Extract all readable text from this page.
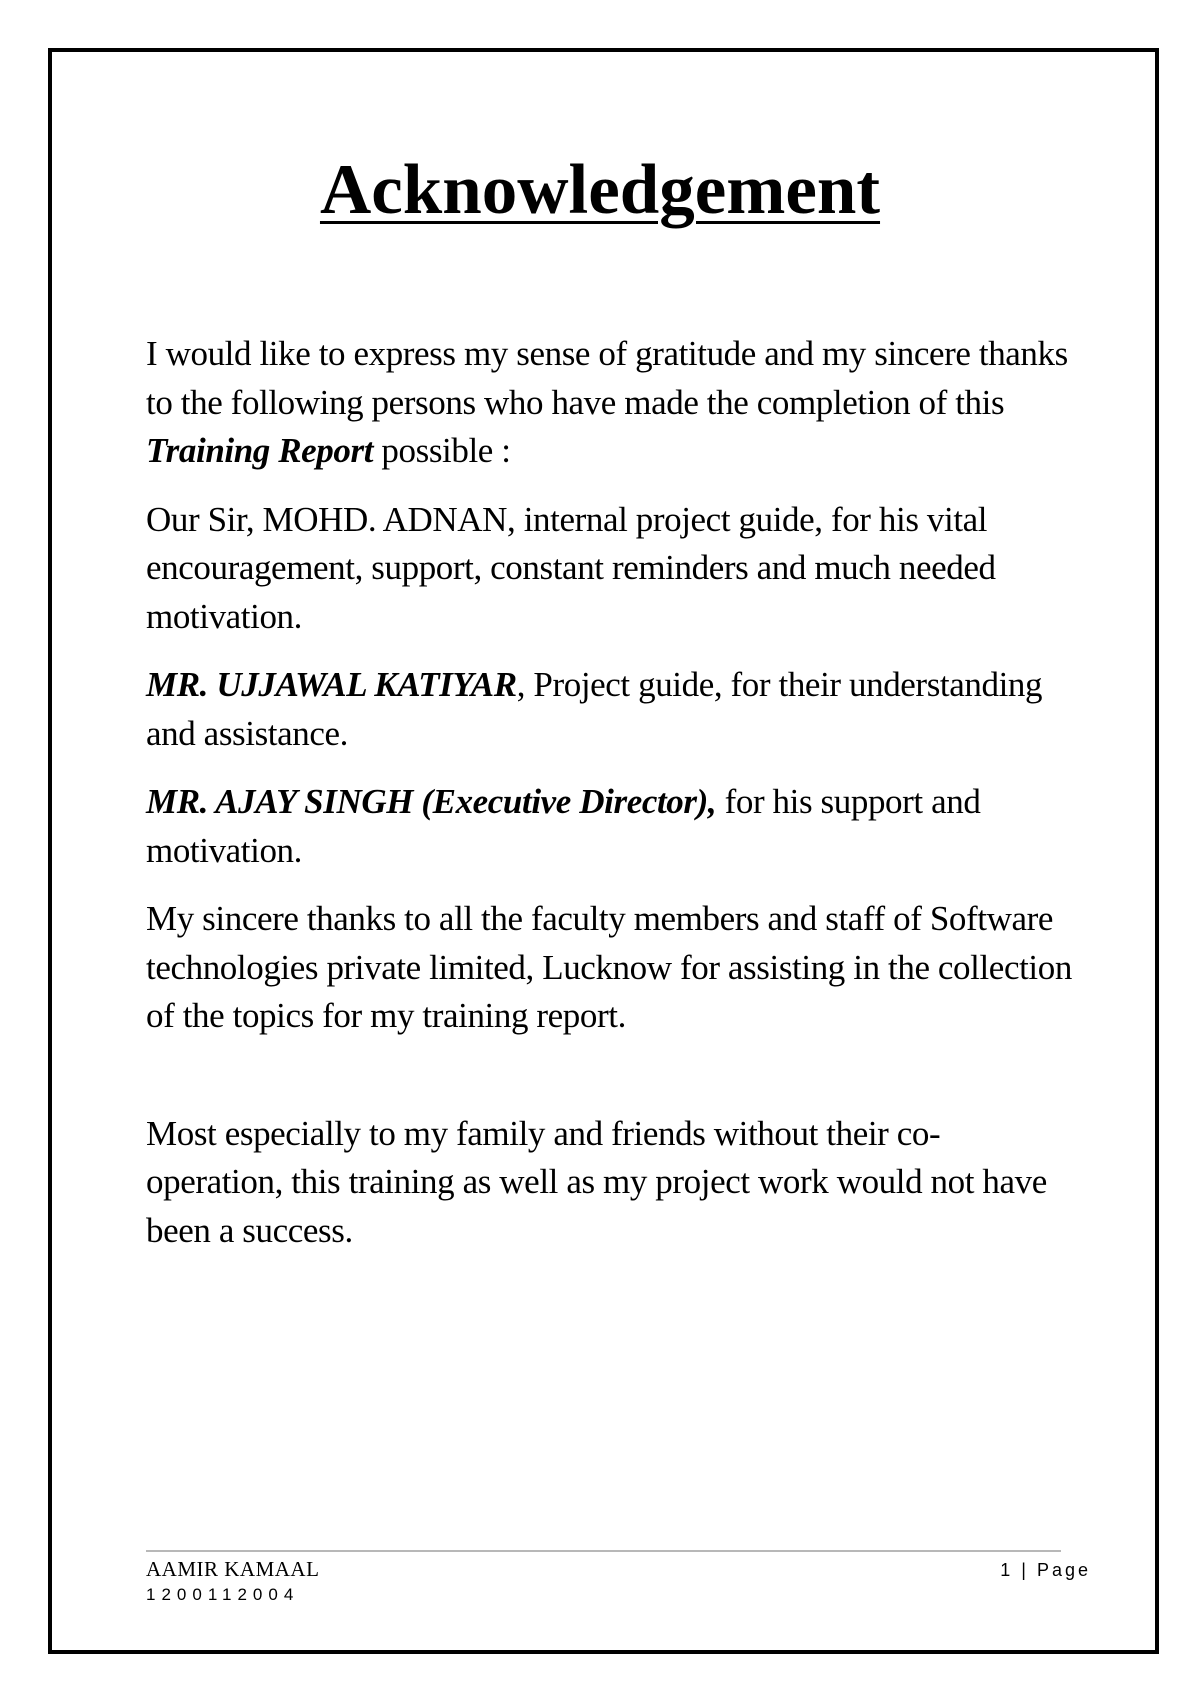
Acknowledgement

I would like to express my sense of gratitude and my sincere thanks to the following persons who have made the completion of this Training Report possible :

Our Sir, MOHD. ADNAN, internal project guide, for his vital encouragement, support, constant reminders and much needed motivation.

MR. UJJAWAL KATIYAR, Project guide, for their understanding and assistance.

MR. AJAY SINGH (Executive Director), for his support and motivation.

My sincere thanks to all the faculty members and staff of Software technologies private limited, Lucknow for assisting in the collection of the topics for my training report.

Most especially to my family and friends without their co-operation, this training as well as my project work would not have been a success.

AAMIR KAMAAL
1200112004
1 | Page
